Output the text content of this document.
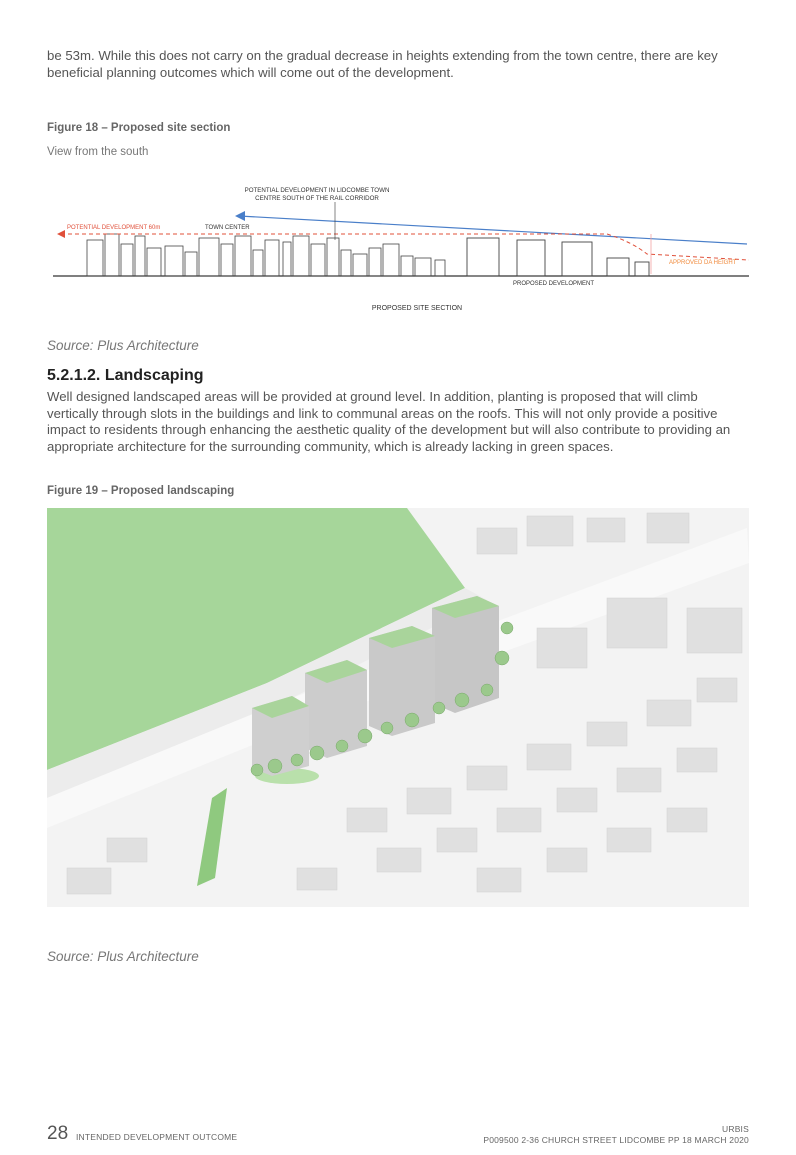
be 53m. While this does not carry on the gradual decrease in heights extending from the town centre, there are key beneficial planning outcomes which will come out of the development.
Figure 18 – Proposed site section
View from the south
POTENTIAL DEVELOPMENT IN LIDCOMBE TOWN
CENTRE SOUTH OF THE RAIL CORRIDOR
POTENTIAL DEVELOPMENT 60m	TOWN CENTER
APPROVED DA HEIGHT
PROPOSED DEVELOPMENT
PROPOSED SITE SECTION
Source: Plus Architecture
5.2.1.2. Landscaping
Well designed landscaped areas will be provided at ground level. In addition, planting is proposed that will climb vertically through slots in the buildings and link to communal areas on the roofs. This will not only provide a positive impact to residents through enhancing the aesthetic quality of the development but will also contribute to providing an appropriate architecture for the surrounding community, which is already lacking in green spaces.
Figure 19 – Proposed landscaping
Source: Plus Architecture
28 INTENDED DEVELOPMENT OUTCOME
URBIS
P009500 2-36 CHURCH STREET LIDCOMBE PP 18 MARCH 2020
